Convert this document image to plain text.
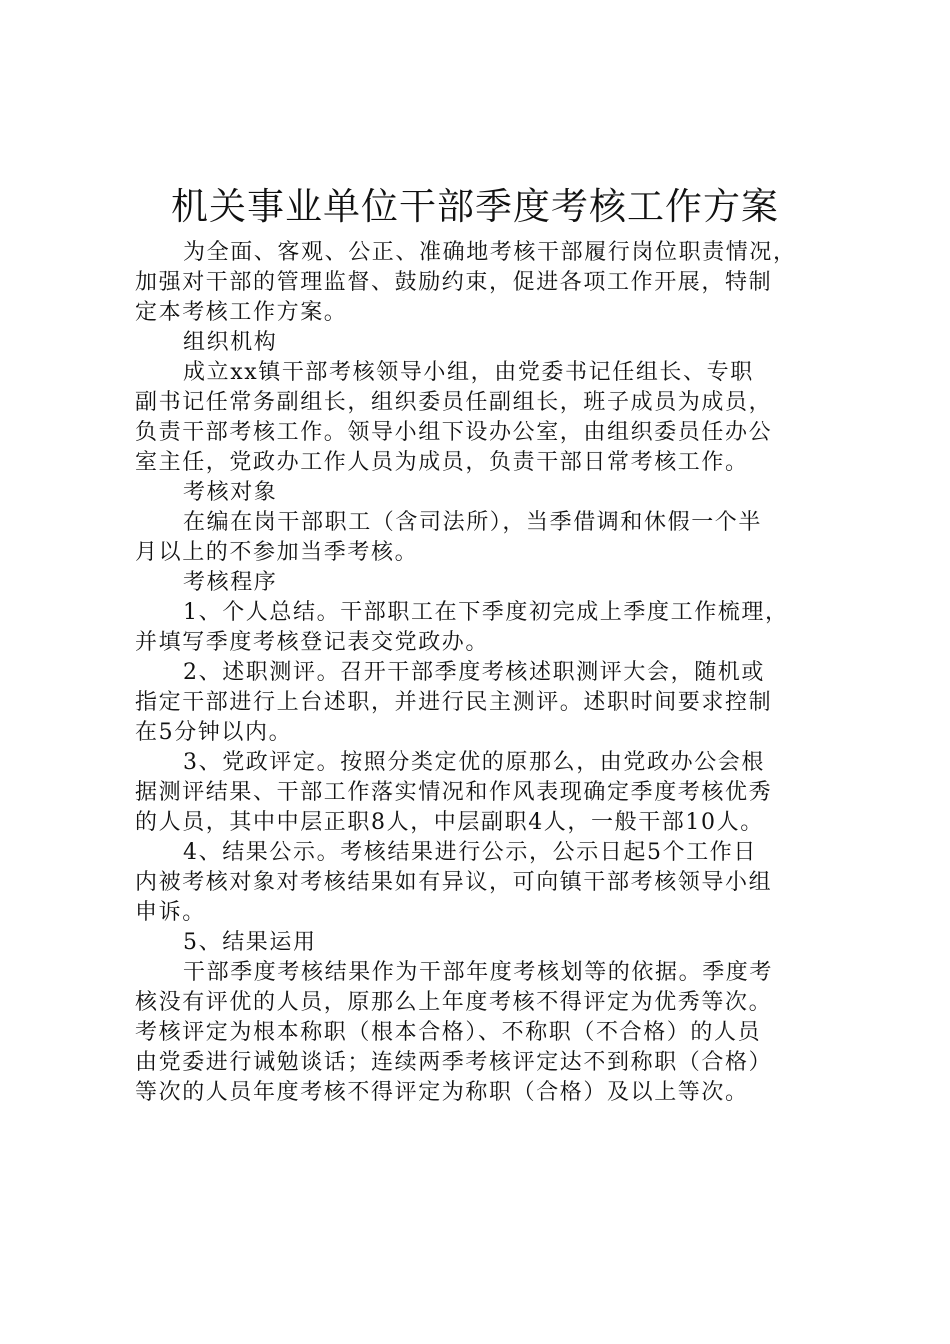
机关事业单位干部季度考核工作方案
为全面、客观、公正、准确地考核干部履行岗位职责情况，
加强对干部的管理监督、鼓励约束，促进各项工作开展，特制
定本考核工作方案。
组织机构
成立xx镇干部考核领导小组，由党委书记任组长、专职
副书记任常务副组长，组织委员任副组长，班子成员为成员，
负责干部考核工作。领导小组下设办公室，由组织委员任办公
室主任，党政办工作人员为成员，负责干部日常考核工作。
考核对象
在编在岗干部职工（含司法所），当季借调和休假一个半
月以上的不参加当季考核。
考核程序
1、个人总结。干部职工在下季度初完成上季度工作梳理，
并填写季度考核登记表交党政办。
2、述职测评。召开干部季度考核述职测评大会，随机或
指定干部进行上台述职，并进行民主测评。述职时间要求控制
在5分钟以内。
3、党政评定。按照分类定优的原那么，由党政办公会根
据测评结果、干部工作落实情况和作风表现确定季度考核优秀
的人员，其中中层正职8人，中层副职4人，一般干部10人。
4、结果公示。考核结果进行公示，公示日起5个工作日
内被考核对象对考核结果如有异议，可向镇干部考核领导小组
申诉。
5、结果运用
干部季度考核结果作为干部年度考核划等的依据。季度考
核没有评优的人员，原那么上年度考核不得评定为优秀等次。
考核评定为根本称职（根本合格）、不称职（不合格）的人员
由党委进行诫勉谈话；连续两季考核评定达不到称职（合格）
等次的人员年度考核不得评定为称职（合格）及以上等次。
